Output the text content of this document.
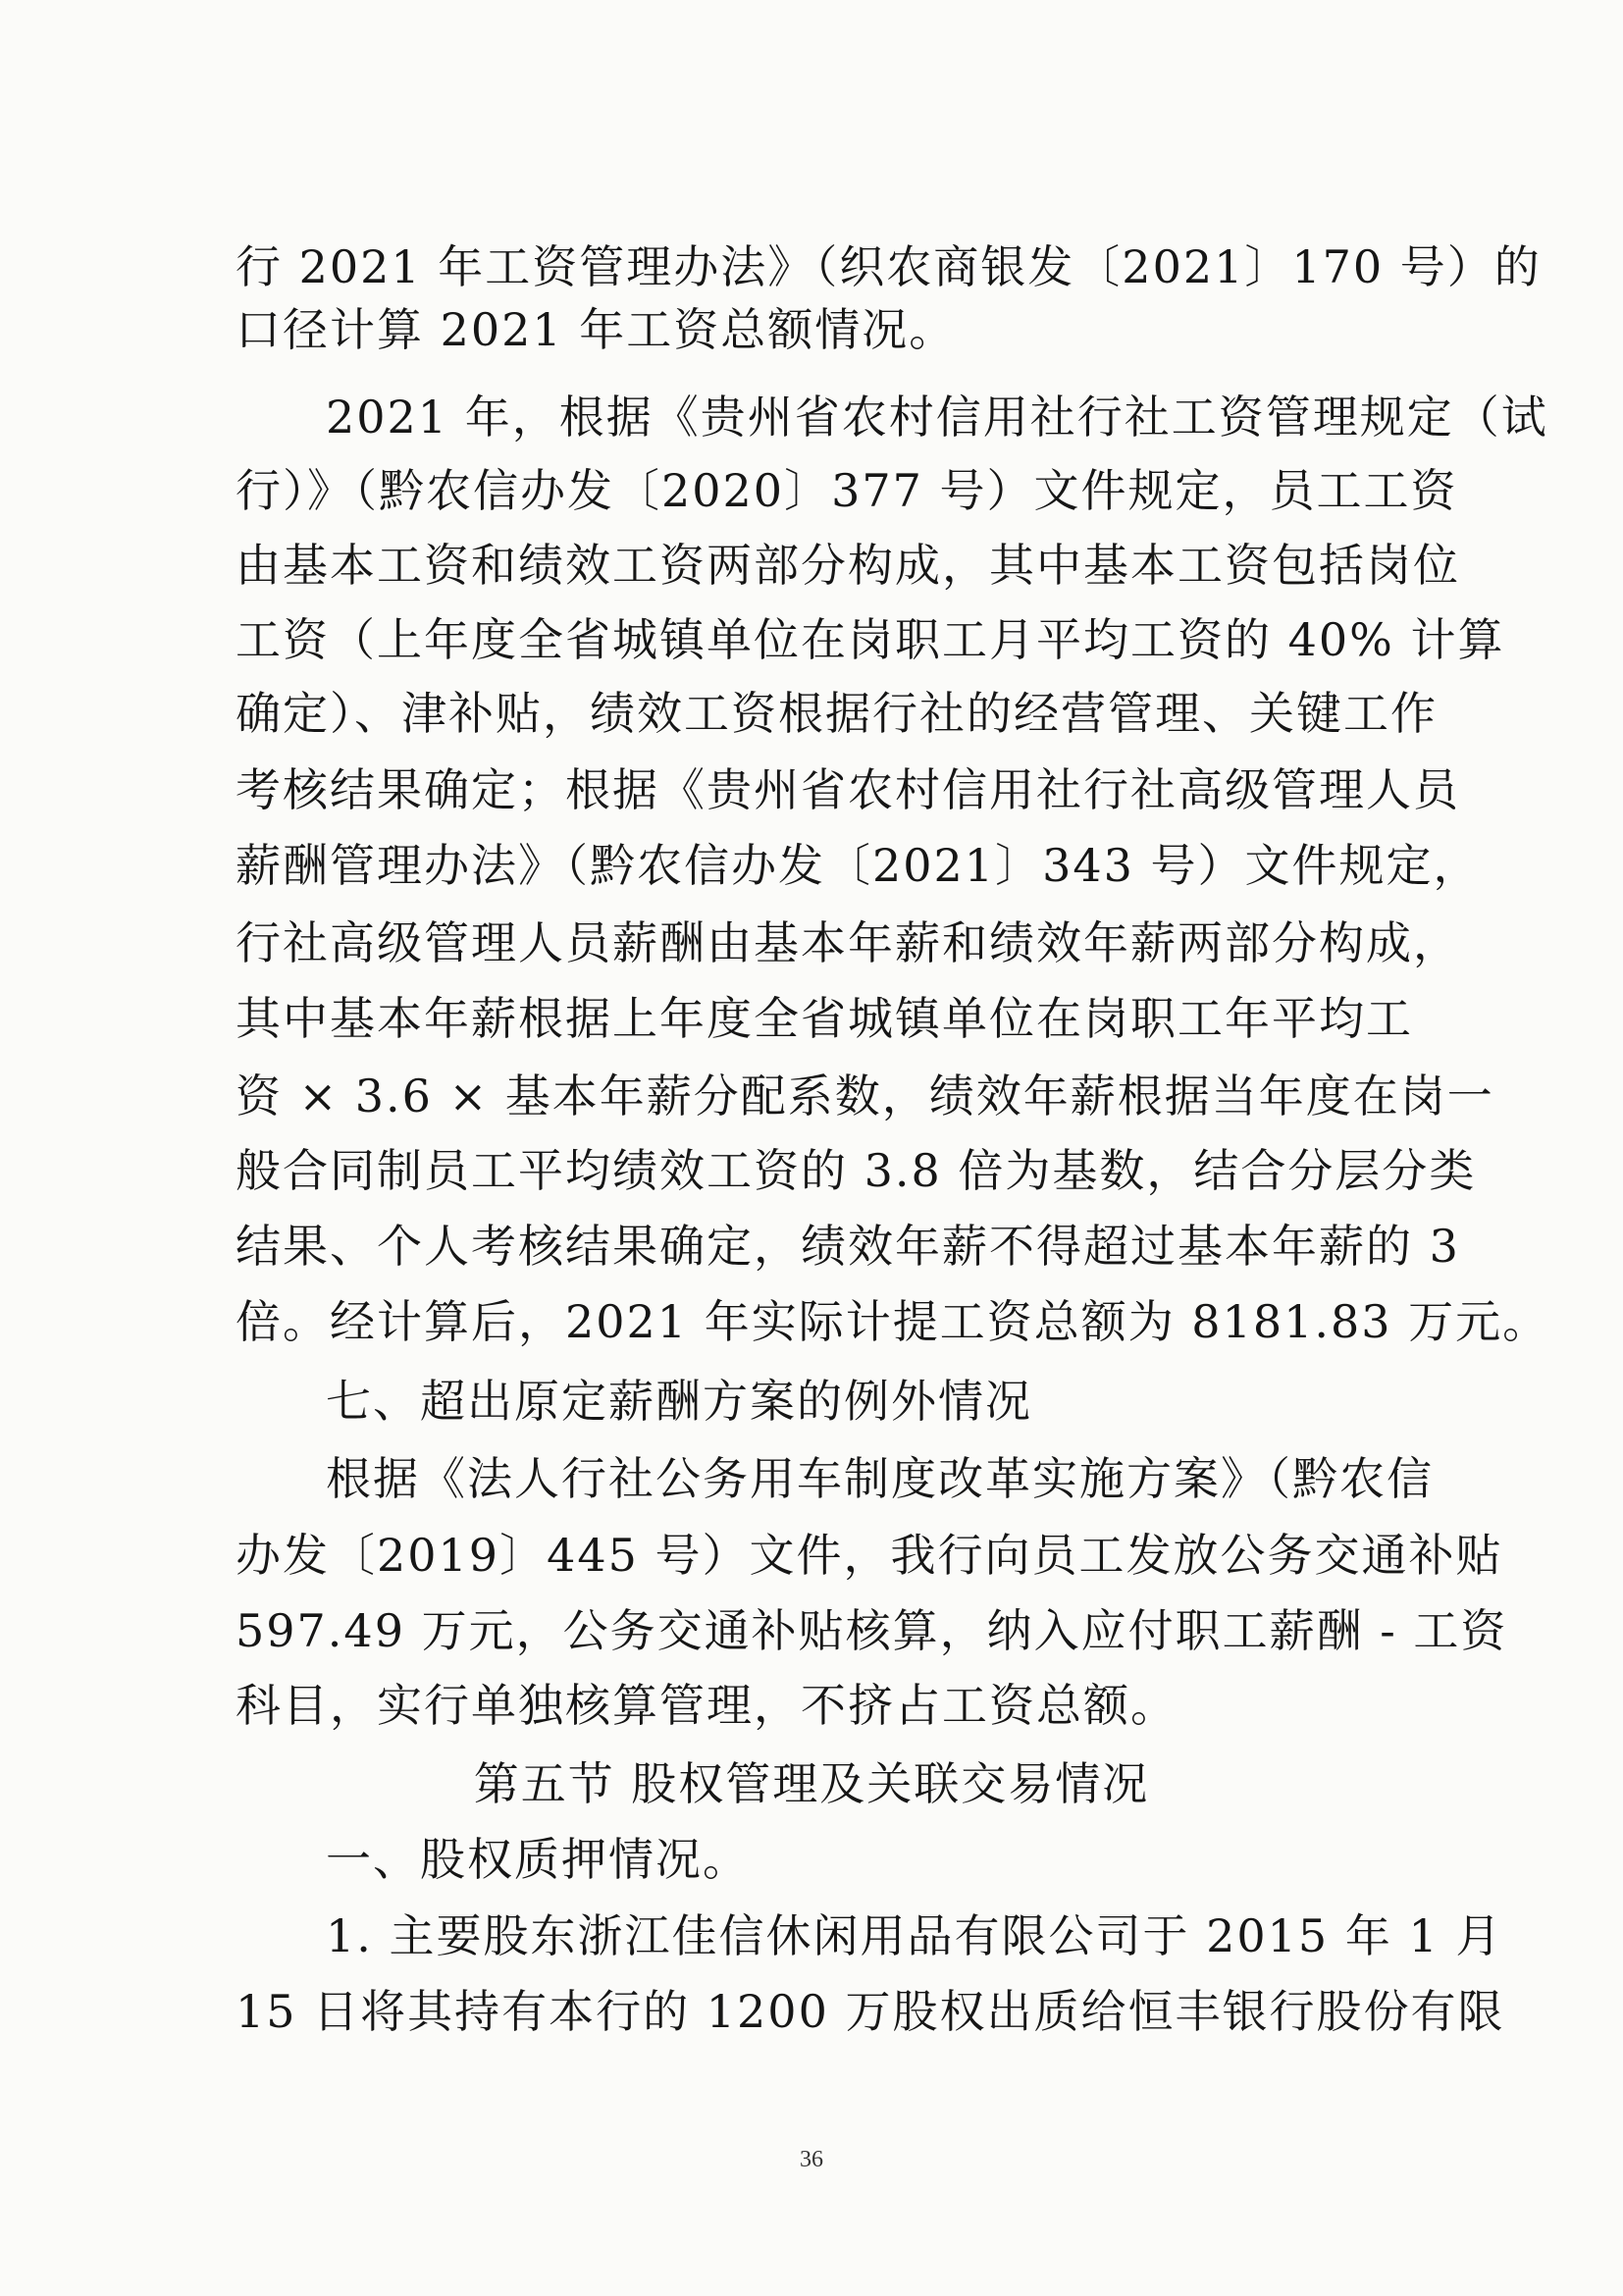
行 2021 年工资管理办法》（织农商银发〔2021〕170 号）的
口径计算 2021 年工资总额情况。
2021 年，根据《贵州省农村信用社行社工资管理规定（试
行）》（黔农信办发〔2020〕377 号）文件规定，员工工资
由基本工资和绩效工资两部分构成，其中基本工资包括岗位
工资（上年度全省城镇单位在岗职工月平均工资的 40% 计算
确定）、津补贴，绩效工资根据行社的经营管理、关键工作
考核结果确定；根据《贵州省农村信用社行社高级管理人员
薪酬管理办法》（黔农信办发〔2021〕343 号）文件规定，
行社高级管理人员薪酬由基本年薪和绩效年薪两部分构成，
其中基本年薪根据上年度全省城镇单位在岗职工年平均工
资 × 3.6 × 基本年薪分配系数，绩效年薪根据当年度在岗一
般合同制员工平均绩效工资的 3.8 倍为基数，结合分层分类
结果、个人考核结果确定，绩效年薪不得超过基本年薪的 3
倍。经计算后，2021 年实际计提工资总额为 8181.83 万元。
七、超出原定薪酬方案的例外情况
根据《法人行社公务用车制度改革实施方案》（黔农信
办发〔2019〕445 号）文件，我行向员工发放公务交通补贴
597.49 万元，公务交通补贴核算，纳入应付职工薪酬 - 工资
科目，实行单独核算管理，不挤占工资总额。
第五节 股权管理及关联交易情况
一、股权质押情况。
1. 主要股东浙江佳信休闲用品有限公司于 2015 年 1 月
15 日将其持有本行的 1200 万股权出质给恒丰银行股份有限
36
